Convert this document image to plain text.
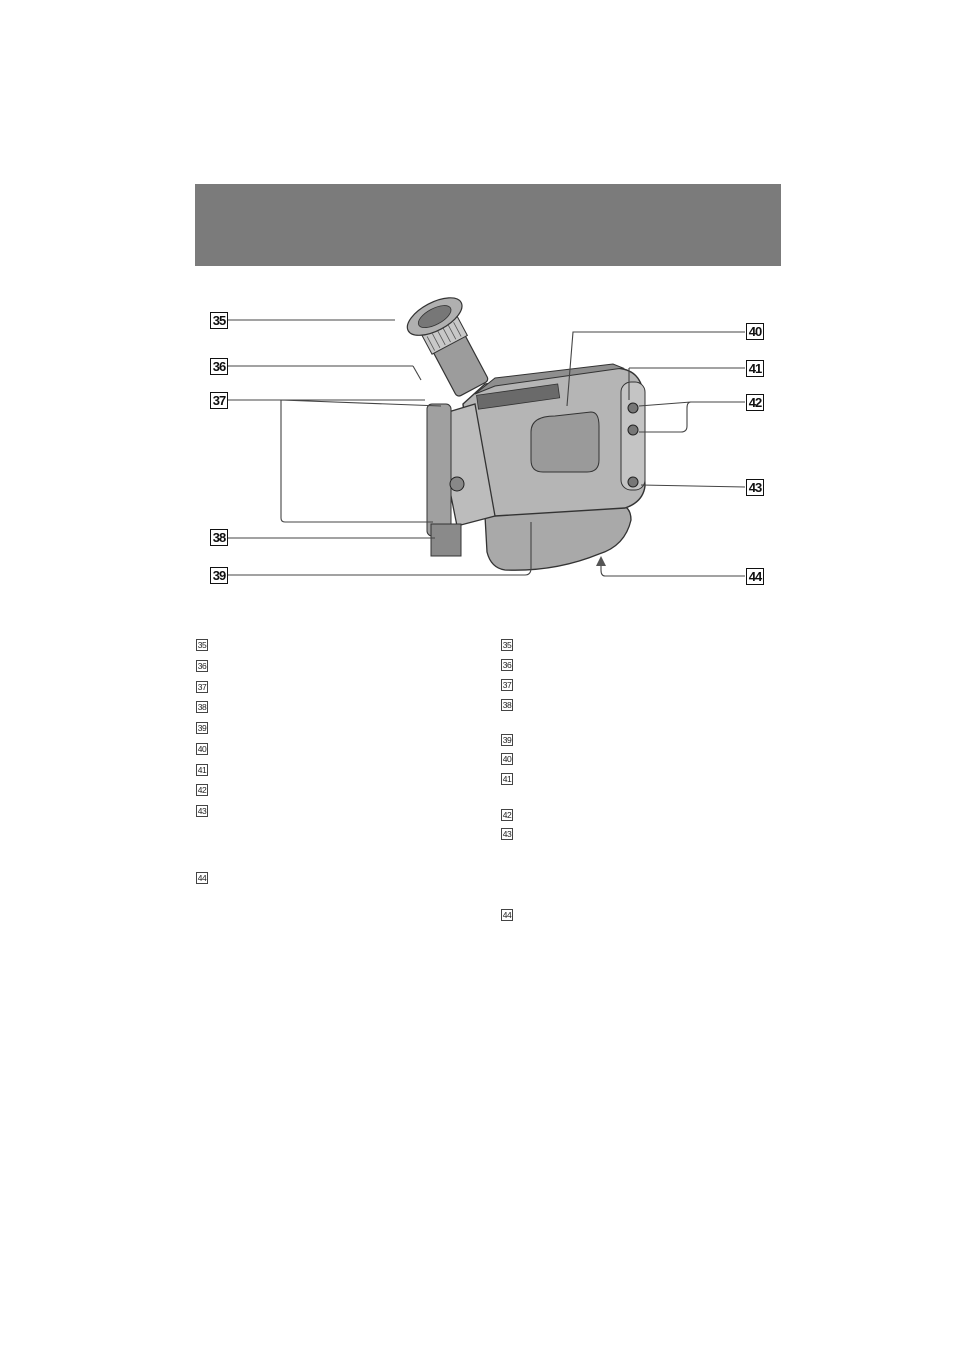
35
36
37
38
39
40
41
42
43
44
35
36
37
38
39
40
41
42
43
44
35
36
37
38
39
40
41
42
43
44
